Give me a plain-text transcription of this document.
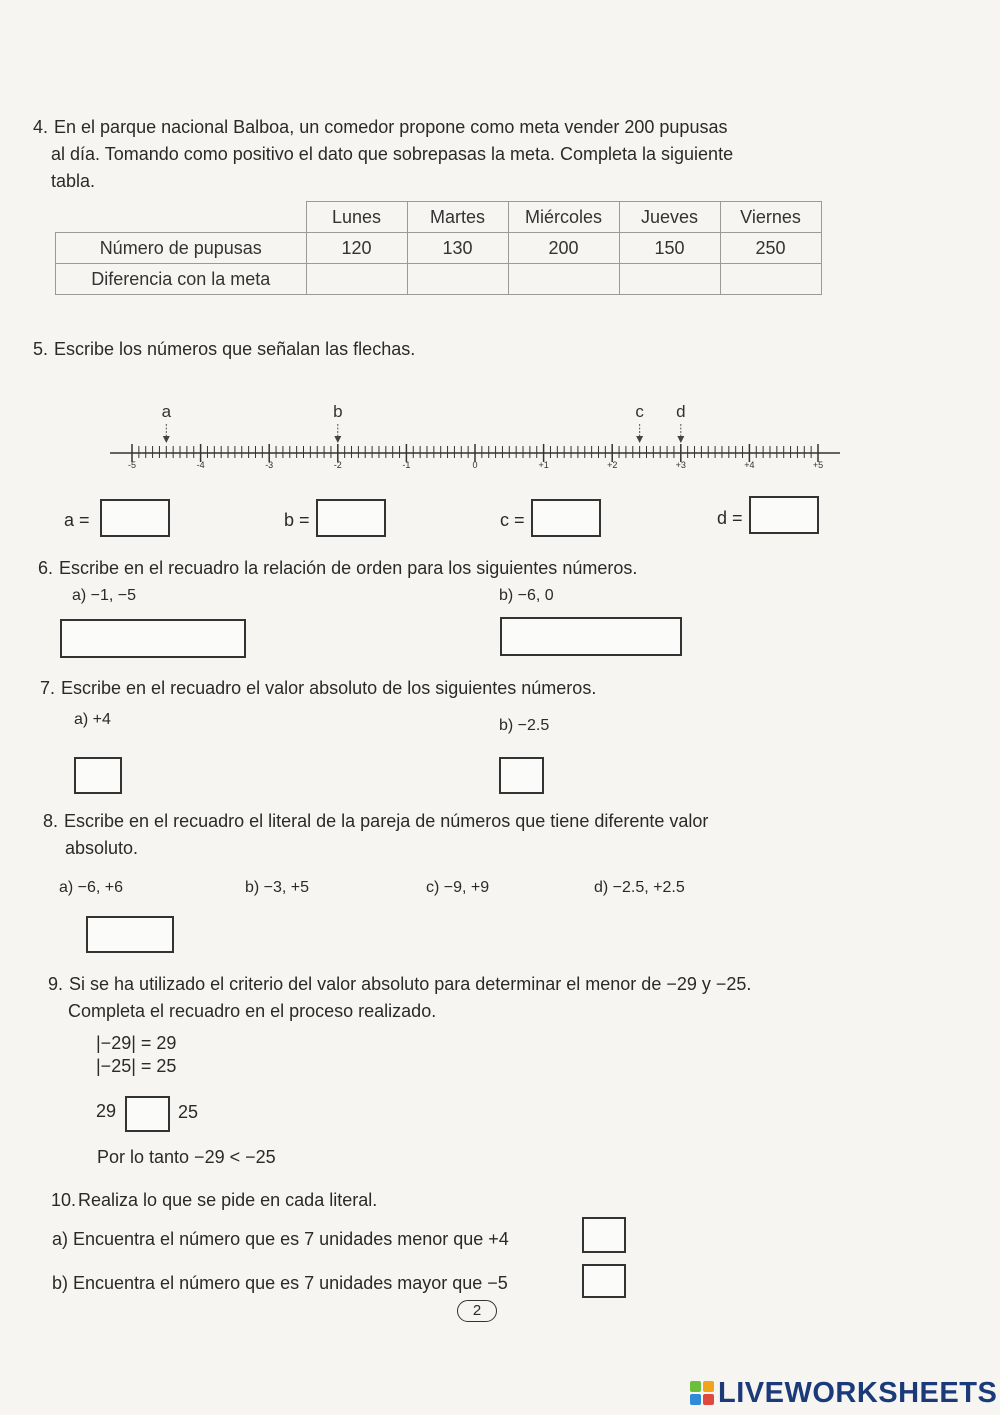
4. En el parque nacional Balboa, un comedor propone como meta vender 200 pupusas
al día. Tomando como positivo el dato que sobrepasas la meta. Completa la siguiente
tabla.
	Lunes	Martes	Miércoles	Jueves	Viernes
Número de pupusas	120	130	200	150	250
Diferencia con la meta					
5. Escribe los números que señalan las flechas.
-5	-4	-3	-2	-1	0	+1	+2	+3	+4	+5
a	b	c d
a =	b =	c =	d =
6. Escribe en el recuadro la relación de orden para los siguientes números.
a) −1, −5	b) −6, 0
7. Escribe en el recuadro el valor absoluto de los siguientes números.
a) +4	b) −2.5
8. Escribe en el recuadro el literal de la pareja de números que tiene diferente valor
absoluto.
a) −6, +6	b) −3, +5	c) −9, +9	d) −2.5, +2.5
9. Si se ha utilizado el criterio del valor absoluto para determinar el menor de −29 y −25.
Completa el recuadro en el proceso realizado.
|−29| = 29
|−25| = 25
29	25
Por lo tanto −29 < −25
10. Realiza lo que se pide en cada literal.
a) Encuentra el número que es 7 unidades menor que +4
b) Encuentra el número que es 7 unidades mayor que −5
2
LIVEWORKSHEETS
